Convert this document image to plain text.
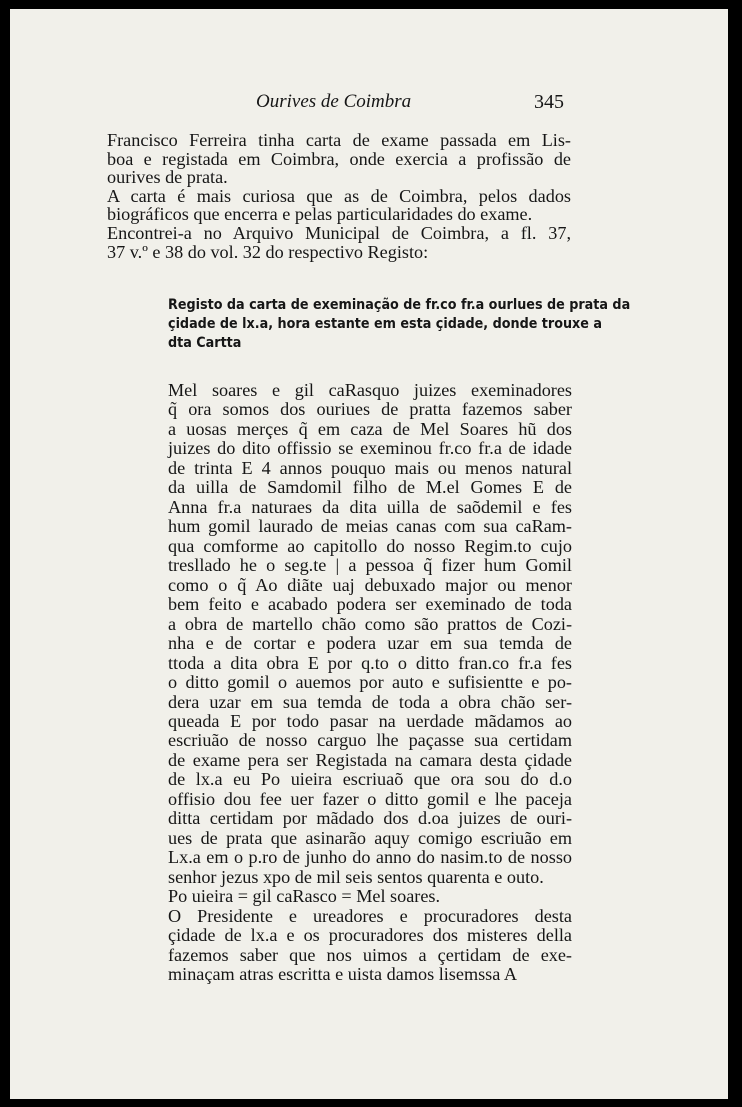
Ourives de Coimbra	345
Francisco Ferreira tinha carta de exame passada em Lis-
boa e registada em Coimbra, onde exercia a profissão de
ourives de prata.
A carta é mais curiosa que as de Coimbra, pelos dados
biográficos que encerra e pelas particularidades do exame.
Encontrei-a no Arquivo Municipal de Coimbra, a fl. 37,
37 v.º e 38 do vol. 32 do respectivo Registo:
Registo da carta de exeminação de fr.co fr.a ourlues de prata da
çidade de lx.a, hora estante em esta çidade, donde trouxe a
dta Cartta
Mel soares e gil caRasquo juizes exeminadores
q̃ ora somos dos ouriues de pratta fazemos saber
a uosas merçes q̃ em caza de Mel Soares hũ dos
juizes do dito offissio se exeminou fr.co fr.a de idade
de trinta E 4 annos pouquo mais ou menos natural
da uilla de Samdomil filho de M.el Gomes E de
Anna fr.a naturaes da dita uilla de saõdemil e fes
hum gomil laurado de meias canas com sua caRam-
qua comforme ao capitollo do nosso Regim.to cujo
tresllado he o seg.te | a pessoa q̃ fizer hum Gomil
como o q̃ Ao diãte uaj debuxado major ou menor
bem feito e acabado podera ser exeminado de toda
a obra de martello chão como são prattos de Cozi-
nha e de cortar e podera uzar em sua temda de
ttoda a dita obra E por q.to o ditto fran.co fr.a fes
o ditto gomil o auemos por auto e sufisientte e po-
dera uzar em sua temda de toda a obra chão ser-
queada E por todo pasar na uerdade mãdamos ao
escriuão de nosso carguo lhe paçasse sua certidam
de exame pera ser Registada na camara desta çidade
de lx.a eu Po uieira escriuaõ que ora sou do d.o
offisio dou fee uer fazer o ditto gomil e lhe paceja
ditta certidam por mãdado dos d.oa juizes de ouri-
ues de prata que asinarão aquy comigo escriuão em
Lx.a em o p.ro de junho do anno do nasim.to de nosso
senhor jezus xpo de mil seis sentos quarenta e outo.
Po uieira = gil caRasco = Mel soares.
O Presidente e ureadores e procuradores desta
çidade de lx.a e os procuradores dos misteres della
fazemos saber que nos uimos a çertidam de exe-
minaçam atras escritta e uista damos lisemssa A
